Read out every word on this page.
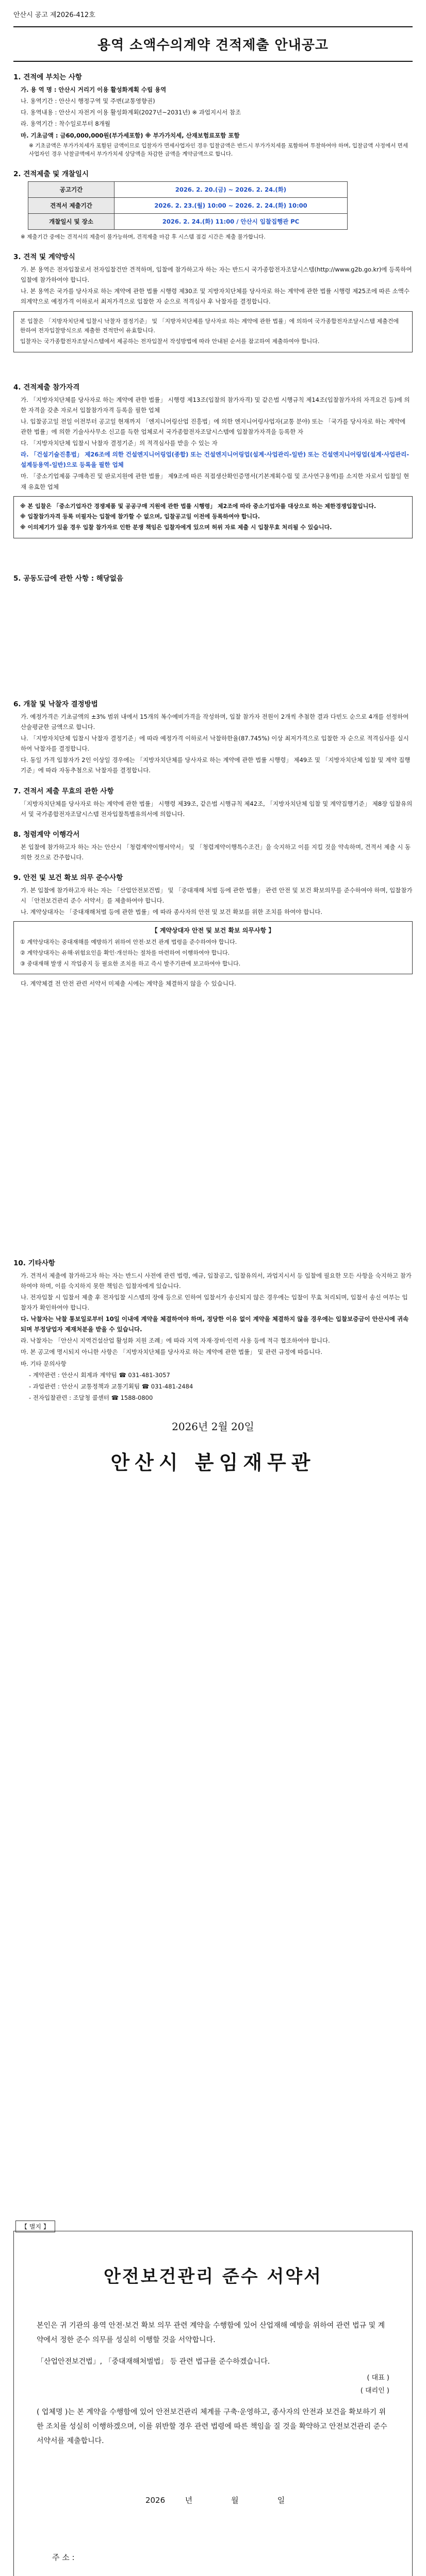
안산시 공고 제2026-412호
용역 소액수의계약 견적제출 안내공고
1. 견적에 부치는 사항

가. 용 역 명 : 안산시 거리기 이용 활성화계획 수립 용역

나. 용역기간 : 안산시 행정구역 및 주변(교통영향권)

다. 용역내용 : 안산시 자전거 이용 활성화계획(2027년~2031년) ※ 과업지시서 참조

라. 용역기간 : 착수일로부터 8개월

마. 기초금액 : 금60,000,000원(부가세포함) ※ 부가가치세, 산재보험료포함 포함

※ 기초금액은 부가가치세가 포함된 금액이므로 입찰자가 면세사업자인 경우 입찰금액은 반드시 부가가치세를 포함하여 투찰하여야 하며, 입찰금액 사정에서 면세사업자인 경우 낙찰금액에서 부가가치세 상당액을 차감한 금액을 계약금액으로 합니다.

2. 견적제출 및 개찰일시
공고기간	2026. 2. 20.(금) ~ 2026. 2. 24.(화)
견적서 제출기간	2026. 2. 23.(월) 10:00 ~ 2026. 2. 24.(화) 10:00
개찰일시 및 장소	2026. 2. 24.(화) 11:00 / 안산시 입찰집행관 PC

※ 제출기간 중에는 견적서의 제출이 불가능하며, 견적제출 마감 후 시스템 점검 시간은 제출 불가합니다.

3. 견적 및 계약방식

가. 본 용역은 전자입찰로서 전자입찰건만 견적하며, 입찰에 참가하고자 하는 자는 반드시 국가종합전자조달시스템(http://www.g2b.go.kr)에 등록하여 입찰에 참가하여야 합니다.

나. 본 용역은 국가를 당사자로 하는 계약에 관한 법률 시행령 제30조 및 지방자치단체를 당사자로 하는 계약에 관한 법률 시행령 제25조에 따른 소액수의계약으로 예정가격 이하로서 최저가격으로 입찰한 자 순으로 적격심사 후 낙찰자를 결정합니다.

본 입찰은 「지방자치단체 입찰시 낙찰자 결정기준」 및 「지방자치단체를 당사자로 하는 계약에 관한 법률」에 의하여 국가종합전자조달시스템 제출건에 한하여 전자입찰방식으로 제출한 견적만이 유효합니다.

입찰자는 국가종합전자조달시스템에서 제공하는 전자입찰서 작성방법에 따라 안내된 순서를 참고하여 제출하여야 합니다.

4. 견적제출 참가자격

가. 「지방자치단체를 당사자로 하는 계약에 관한 법률」 시행령 제13조(입찰의 참가자격) 및 같은법 시행규칙 제14조(입찰참가자의 자격요건 등)에 의한 자격을 갖춘 자로서 입찰참가자격 등록을 필한 업체

나. 입찰공고일 전일 이전부터 공고일 현재까지 「엔지니어링산업 진흥법」에 의한 엔지니어링사업자(교통 분야) 또는 「국가를 당사자로 하는 계약에 관한 법률」에 의한 기술사사무소 신고를 득한 업체로서 국가종합전자조달시스템에 입찰참가자격을 등록한 자

다. 「지방자치단체 입찰시 낙찰자 결정기준」의 적격심사를 받을 수 있는 자

라. 「건설기술진흥법」 제26조에 의한 건설엔지니어링업(종합) 또는 건설엔지니어링업(설계·사업관리-일반) 또는 건설엔지니어링업(설계·사업관리-설계등용역-일반)으로 등록을 필한 업체

마. 「중소기업제품 구매촉진 및 판로지원에 관한 법률」 제9조에 따른 직접생산확인증명서(기본계획수립 및 조사연구용역)를 소지한 자로서 입찰일 현재 유효한 업체

※ 본 입찰은 「중소기업자간 경쟁제품 및 공공구매 지원에 관한 법률 시행령」 제2조에 따라 중소기업자를 대상으로 하는 제한경쟁입찰입니다.

※ 입찰참가자격 등록 미필자는 입찰에 참가할 수 없으며, 입찰공고일 이전에 등록하여야 합니다.

※ 이의제기가 있을 경우 입찰 참가자로 인한 분쟁 책임은 입찰자에게 있으며 허위 자료 제출 시 입찰무효 처리될 수 있습니다.

5. 공동도급에 관한 사항 : 해당없음
6. 개찰 및 낙찰자 결정방법

가. 예정가격은 기초금액의 ±3% 범위 내에서 15개의 복수예비가격을 작성하며, 입찰 참가자 전원이 2개씩 추첨한 결과 다빈도 순으로 4개를 선정하여 산술평균한 금액으로 합니다.

나. 「지방자치단체 입찰시 낙찰자 결정기준」에 따라 예정가격 이하로서 낙찰하한율(87.745%) 이상 최저가격으로 입찰한 자 순으로 적격심사를 실시하여 낙찰자를 결정합니다.

다. 동일 가격 입찰자가 2인 이상일 경우에는 「지방자치단체를 당사자로 하는 계약에 관한 법률 시행령」 제49조 및 「지방자치단체 입찰 및 계약 집행기준」에 따라 자동추첨으로 낙찰자를 결정합니다.

7. 견적서 제출 무효의 관한 사항

「지방자치단체를 당사자로 하는 계약에 관한 법률」 시행령 제39조, 같은법 시행규칙 제42조, 「지방자치단체 입찰 및 계약집행기준」 제8장 입찰유의서 및 국가종합전자조달시스템 전자입찰특별유의서에 의합니다.

8. 청렴계약 이행각서

본 입찰에 참가하고자 하는 자는 안산시 「청렴계약이행서약서」 및 「청렴계약이행특수조건」을 숙지하고 이를 지킬 것을 약속하며, 견적서 제출 시 동의한 것으로 간주합니다.

9. 안전 및 보건 확보 의무 준수사항

가. 본 입찰에 참가하고자 하는 자는 「산업안전보건법」 및 「중대재해 처벌 등에 관한 법률」 관련 안전 및 보건 확보의무를 준수하여야 하며, 입찰참가 시 「안전보건관리 준수 서약서」를 제출하여야 합니다.

나. 계약상대자는 「중대재해처벌 등에 관한 법률」에 따라 종사자의 안전 및 보건 확보를 위한 조치를 하여야 합니다.

【 계약상대자 안전 및 보건 확보 의무사항 】

① 계약상대자는 중대재해를 예방하기 위하여 안전·보건 관계 법령을 준수하여야 합니다.

② 계약상대자는 유해·위험요인을 확인·개선하는 절차를 마련하여 이행하여야 합니다.

③ 중대재해 발생 시 작업중지 등 필요한 조치를 하고 즉시 발주기관에 보고하여야 합니다.

다. 계약체결 전 안전 관련 서약서 미제출 시에는 계약을 체결하지 않을 수 있습니다.

10. 기타사항

가. 견적서 제출에 참가하고자 하는 자는 반드시 사전에 관련 법령, 예규, 입찰공고, 입찰유의서, 과업지시서 등 입찰에 필요한 모든 사항을 숙지하고 참가하여야 하며, 이를 숙지하지 못한 책임은 입찰자에게 있습니다.

나. 전자입찰 시 입찰서 제출 후 전자입찰 시스템의 장애 등으로 인하여 입찰서가 송신되지 않은 경우에는 입찰이 무효 처리되며, 입찰서 송신 여부는 입찰자가 확인하여야 합니다.

다. 낙찰자는 낙찰 통보일로부터 10일 이내에 계약을 체결하여야 하며, 정당한 이유 없이 계약을 체결하지 않을 경우에는 입찰보증금이 안산시에 귀속되며 부정당업자 제재처분을 받을 수 있습니다.

라. 낙찰자는 「안산시 지역건설산업 활성화 지원 조례」에 따라 지역 자재·장비·인력 사용 등에 적극 협조하여야 합니다.

마. 본 공고에 명시되지 아니한 사항은 「지방자치단체를 당사자로 하는 계약에 관한 법률」 및 관련 규정에 따릅니다.

바. 기타 문의사항

- 계약관련 : 안산시 회계과 계약팀 ☎ 031-481-3057

- 과업관련 : 안산시 교통정책과 교통기획팀 ☎ 031-481-2484

- 전자입찰관련 : 조달청 콜센터 ☎ 1588-0800

2026년 2월 20일
안산시 분임재무관
【 별지 】
안전보건관리 준수 서약서

본인은 귀 기관의 용역 안전·보건 확보 의무 관련 계약을 수행함에 있어 산업재해 예방을 위하여 관련 법규 및 계약에서 정한 준수 의무를 성실히 이행할 것을 서약합니다.

「산업안전보건법」, 「중대재해처벌법」 등 관련 법규를 준수하겠습니다.

( 대표 )
( 대리인 )

( 업체명 )는 본 계약을 수행함에 있어 안전보건관리 체계를 구축·운영하고, 종사자의 안전과 보건을 확보하기 위한 조치를 성실히 이행하겠으며, 이를 위반할 경우 관련 법령에 따른 책임을 질 것을 확약하고 안전보건관리 준수 서약서를 제출합니다.

2026	년	월	일
주 소 :
